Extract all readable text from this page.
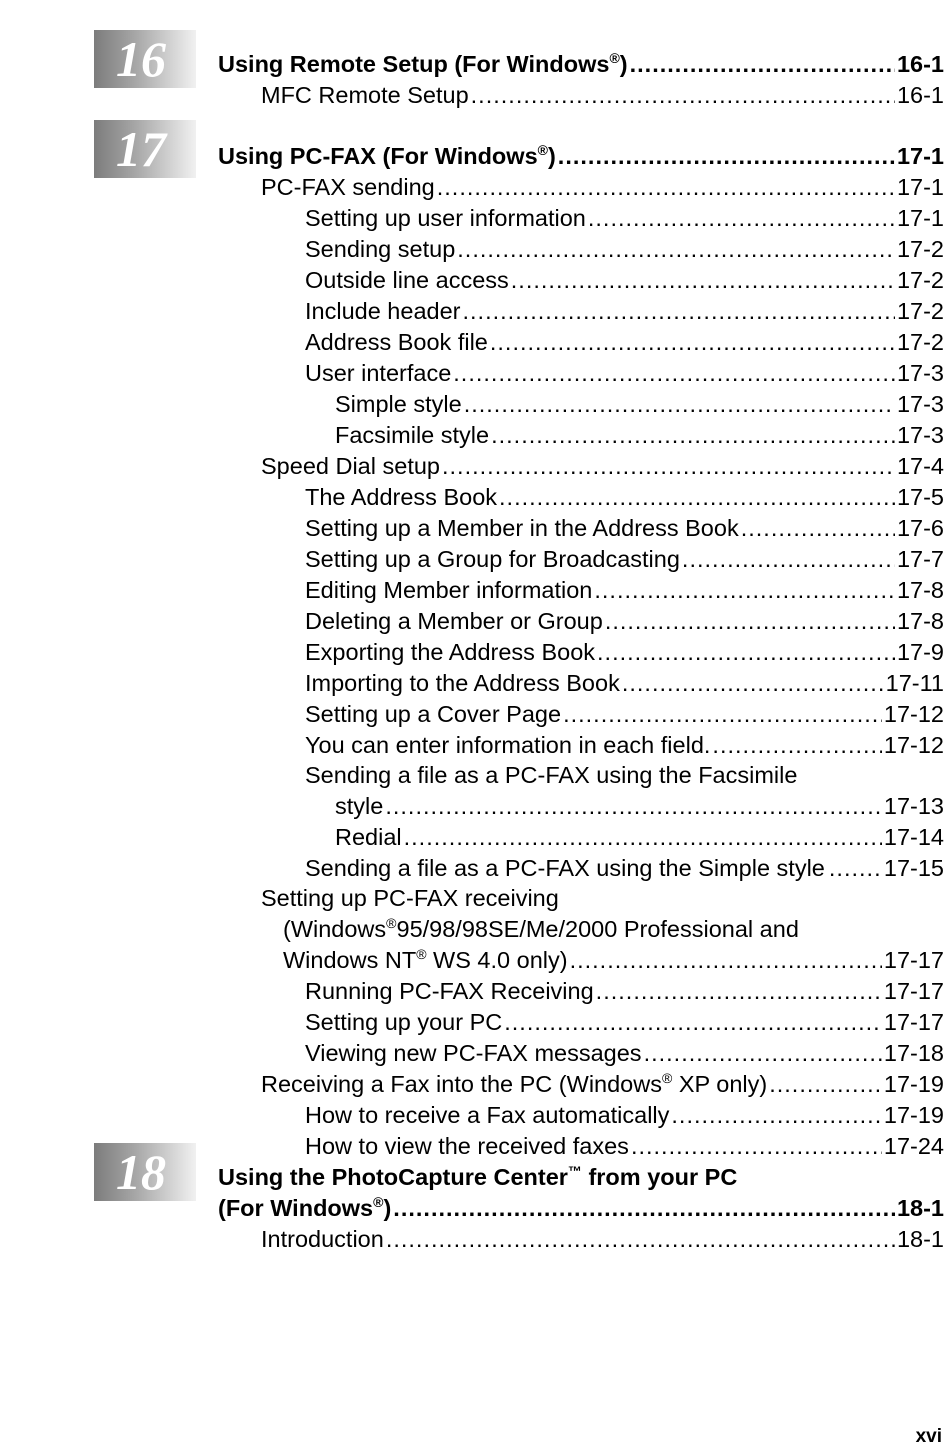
16
17
18
Using Remote Setup (For Windows®) .....	16-1
MFC Remote Setup .....	16-1
Using PC-FAX (For Windows®) .....	17-1
PC-FAX sending .....	17-1
Setting up user information .....	17-1
Sending setup .....	17-2
Outside line access .....	17-2
Include header .....	17-2
Address Book file .....	17-2
User interface .....	17-3
Simple style .....	17-3
Facsimile style .....	17-3
Speed Dial setup .....	17-4
The Address Book .....	17-5
Setting up a Member in the Address Book .....	17-6
Setting up a Group for Broadcasting .....	17-7
Editing Member information .....	17-8
Deleting a Member or Group .....	17-8
Exporting the Address Book .....	17-9
Importing to the Address Book .....	17-11
Setting up a Cover Page .....	17-12
You can enter information in each field. .....	17-12
Sending a file as a PC-FAX using the Facsimile
style .....	17-13
Redial .....	17-14
Sending a file as a PC-FAX using the Simple style .....	17-15
Setting up PC-FAX receiving
(Windows®95/98/98SE/Me/2000 Professional and
Windows NT® WS 4.0 only) .....	17-17
Running PC-FAX Receiving .....	17-17
Setting up your PC .....	17-17
Viewing new PC-FAX messages .....	17-18
Receiving a Fax into the PC (Windows® XP only) .....	17-19
How to receive a Fax automatically .....	17-19
How to view the received faxes .....	17-24
Using the PhotoCapture Center™ from your PC
(For Windows®) .....	18-1
Introduction .....	18-1
xvi
